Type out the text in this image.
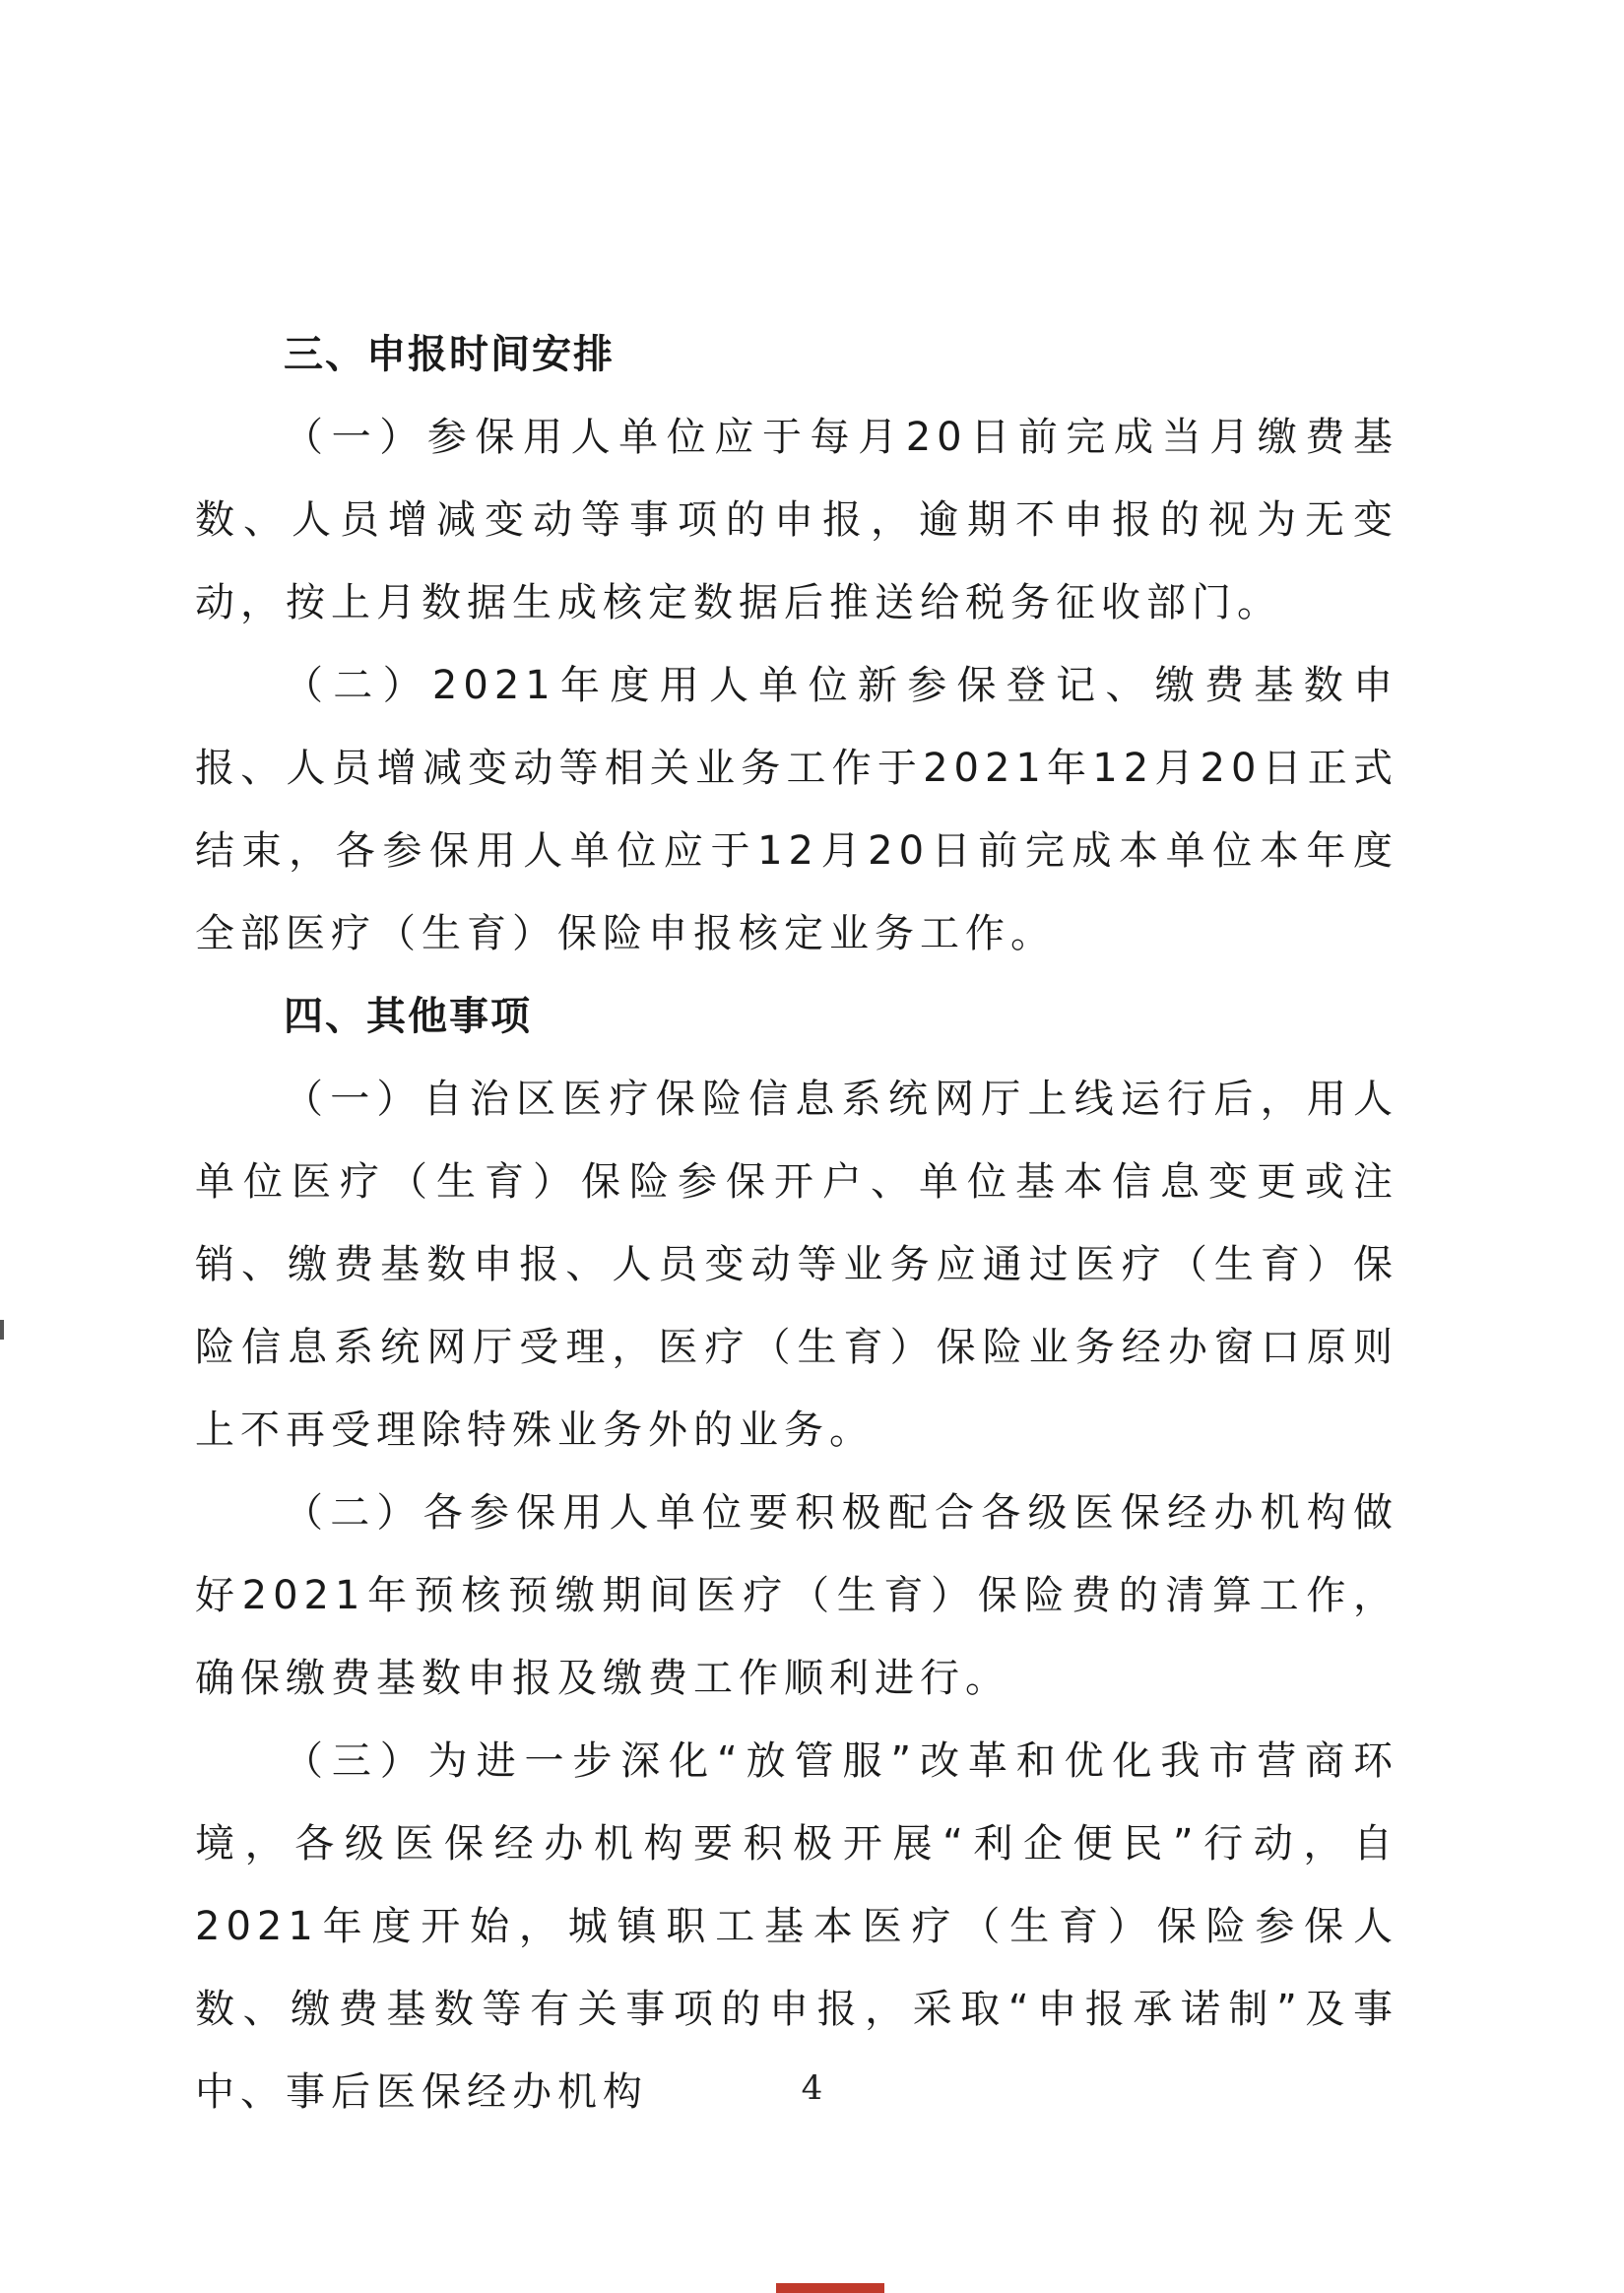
三、申报时间安排

（一）参保用人单位应于每月20日前完成当月缴费基数、人员增减变动等事项的申报，逾期不申报的视为无变动，按上月数据生成核定数据后推送给税务征收部门。

（二）2021年度用人单位新参保登记、缴费基数申报、人员增减变动等相关业务工作于2021年12月20日正式结束，各参保用人单位应于12月20日前完成本单位本年度全部医疗（生育）保险申报核定业务工作。

四、其他事项

（一）自治区医疗保险信息系统网厅上线运行后，用人单位医疗（生育）保险参保开户、单位基本信息变更或注销、缴费基数申报、人员变动等业务应通过医疗（生育）保险信息系统网厅受理，医疗（生育）保险业务经办窗口原则上不再受理除特殊业务外的业务。

（二）各参保用人单位要积极配合各级医保经办机构做好2021年预核预缴期间医疗（生育）保险费的清算工作，确保缴费基数申报及缴费工作顺利进行。

（三）为进一步深化“放管服”改革和优化我市营商环境，各级医保经办机构要积极开展“利企便民”行动，自2021年度开始，城镇职工基本医疗（生育）保险参保人数、缴费基数等有关事项的申报，采取“申报承诺制”及事中、事后医保经办机构	4
